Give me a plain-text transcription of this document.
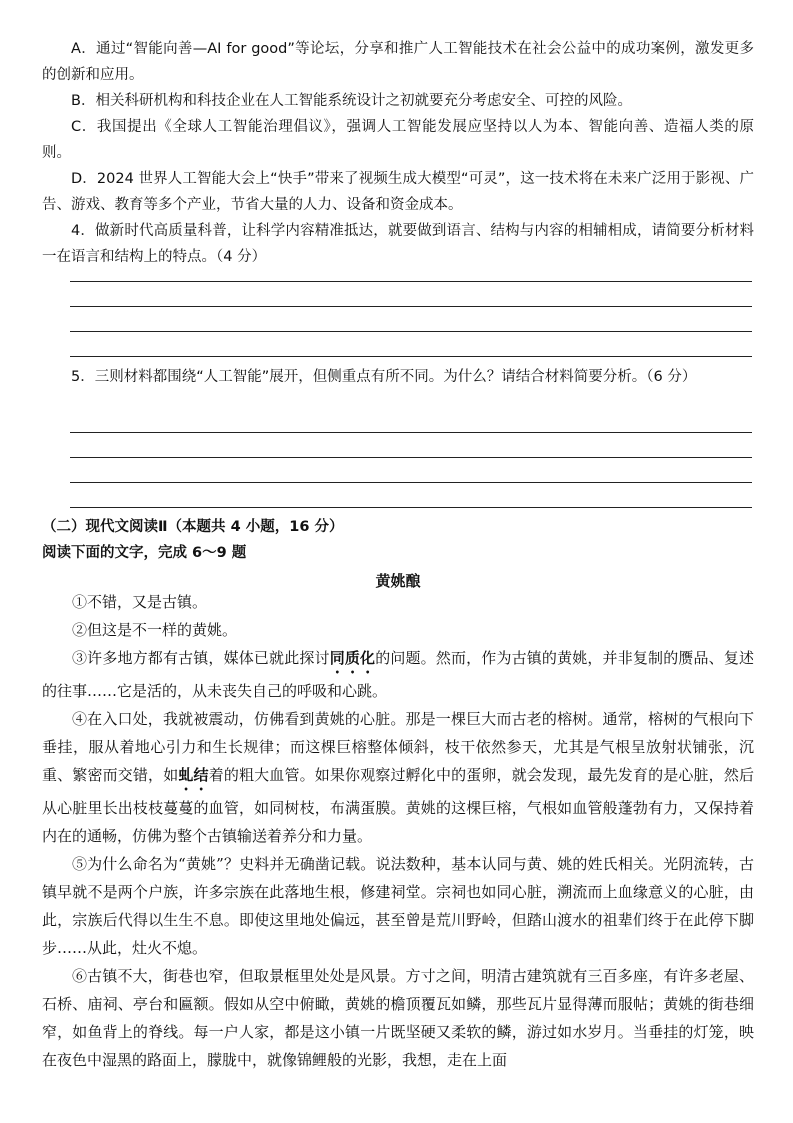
A．通过“智能向善—AI for good”等论坛，分享和推广人工智能技术在社会公益中的成功案例，激发更多的创新和应用。

B．相关科研机构和科技企业在人工智能系统设计之初就要充分考虑安全、可控的风险。

C．我国提出《全球人工智能治理倡议》，强调人工智能发展应坚持以人为本、智能向善、造福人类的原则。

D．2024 世界人工智能大会上“快手”带来了视频生成大模型“可灵”，这一技术将在未来广泛用于影视、广告、游戏、教育等多个产业，节省大量的人力、设备和资金成本。

4．做新时代高质量科普，让科学内容精准抵达，就要做到语言、结构与内容的相辅相成，请简要分析材料一在语言和结构上的特点。（4 分）

5．三则材料都围绕“人工智能”展开，但侧重点有所不同。为什么？请结合材料简要分析。（6 分）

（二）现代文阅读Ⅱ（本题共 4 小题，16 分）

阅读下面的文字，完成 6～9 题

黄姚酿

①不错，又是古镇。

②但这是不一样的黄姚。

③许多地方都有古镇，媒体已就此探讨同质化的问题。然而，作为古镇的黄姚，并非复制的赝品、复述的往事……它是活的，从未丧失自己的呼吸和心跳。

④在入口处，我就被震动，仿佛看到黄姚的心脏。那是一棵巨大而古老的榕树。通常，榕树的气根向下垂挂，服从着地心引力和生长规律；而这棵巨榕整体倾斜，枝干依然参天，尤其是气根呈放射状铺张，沉重、繁密而交错，如虬结着的粗大血管。如果你观察过孵化中的蛋卵，就会发现，最先发育的是心脏，然后从心脏里长出枝枝蔓蔓的血管，如同树枝，布满蛋膜。黄姚的这棵巨榕，气根如血管般蓬勃有力，又保持着内在的通畅，仿佛为整个古镇输送着养分和力量。

⑤为什么命名为“黄姚”？史料并无确凿记载。说法数种，基本认同与黄、姚的姓氏相关。光阴流转，古镇早就不是两个户族，许多宗族在此落地生根，修建祠堂。宗祠也如同心脏，溯流而上血缘意义的心脏，由此，宗族后代得以生生不息。即使这里地处偏远，甚至曾是荒川野岭，但踏山渡水的祖辈们终于在此停下脚步……从此，灶火不熄。

⑥古镇不大，街巷也窄，但取景框里处处是风景。方寸之间，明清古建筑就有三百多座，有许多老屋、石桥、庙祠、亭台和匾额。假如从空中俯瞰，黄姚的檐顶覆瓦如鳞，那些瓦片显得薄而服帖；黄姚的街巷细窄，如鱼背上的脊线。每一户人家，都是这小镇一片既坚硬又柔软的鳞，游过如水岁月。当垂挂的灯笼，映在夜色中湿黑的路面上，朦胧中，就像锦鲤般的光影，我想，走在上面
